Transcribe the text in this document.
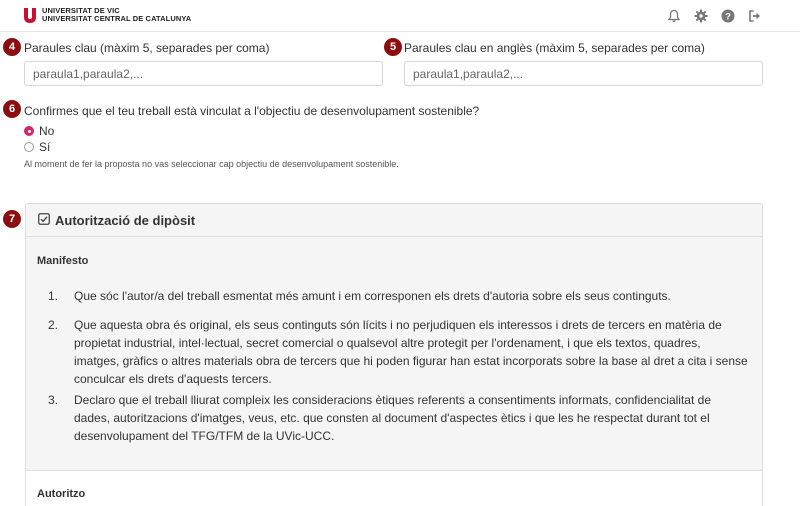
UNIVERSITAT DE VIC
UNIVERSITAT CENTRAL DE CATALUNYA	?
4 Paraules clau (màxim 5, separades per coma)
paraula1,paraula2,...	5 Paraules clau en anglès (màxim 5, separades per coma)
paraula1,paraula2,...
6 Confirmes que el teu treball està vinculat a l'objectiu de desenvolupament sostenible?
No
Sí
Al moment de fer la proposta no vas seleccionar cap objectiu de desenvolupament sostenible.
7	Autorització de dipòsit
Manifesto
1.	Que sóc l'autor/a del treball esmentat més amunt i em corresponen els drets d'autoria sobre els seus continguts.
2.	Que aquesta obra és original, els seus continguts són lícits i no perjudiquen els interessos i drets de tercers en matèria de propietat industrial, intel·lectual, secret comercial o qualsevol altre protegit per l'ordenament, i que els textos, quadres, imatges, gràfics o altres materials obra de tercers que hi poden figurar han estat incorporats sobre la base al dret a cita i sense conculcar els drets d'aquests tercers.
3.	Declaro que el treball lliurat compleix les consideracions ètiques referents a consentiments informats, confidencialitat de dades, autoritzacions d'imatges, veus, etc. que consten al document d'aspectes ètics i que les he respectat durant tot el desenvolupament del TFG/TFM de la UVic-UCC.
Autoritzo
